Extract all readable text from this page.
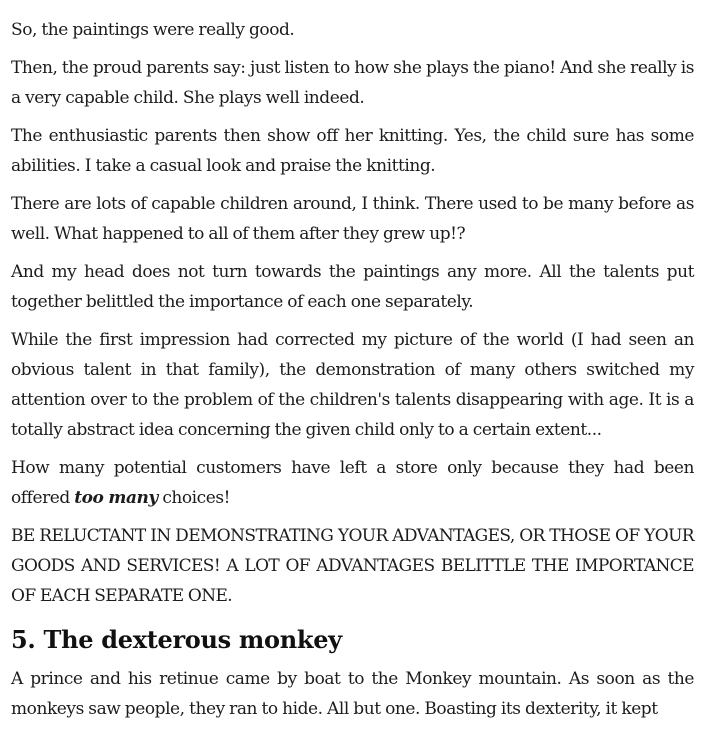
So, the paintings were really good.

Then, the proud parents say: just listen to how she plays the piano! And she really is a very capable child. She plays well indeed.

The enthusiastic parents then show off her knitting. Yes, the child sure has some abilities. I take a casual look and praise the knitting.

There are lots of capable children around, I think. There used to be many before as well. What happened to all of them after they grew up!?

And my head does not turn towards the paintings any more. All the talents put together belittled the importance of each one separately.

While the first impression had corrected my picture of the world (I had seen an obvious talent in that family), the demonstration of many others switched my attention over to the problem of the children's talents disappearing with age. It is a totally abstract idea concerning the given child only to a certain extent...

How many potential customers have left a store only because they had been offered too many choices!

BE RELUCTANT IN DEMONSTRATING YOUR ADVANTAGES, OR THOSE OF YOUR GOODS AND SERVICES! A LOT OF ADVANTAGES BELITTLE THE IMPORTANCE OF EACH SEPARATE ONE.

5. The dexterous monkey

A prince and his retinue came by boat to the Monkey mountain. As soon as the monkeys saw people, they ran to hide. All but one. Boasting its dexterity, it kept
